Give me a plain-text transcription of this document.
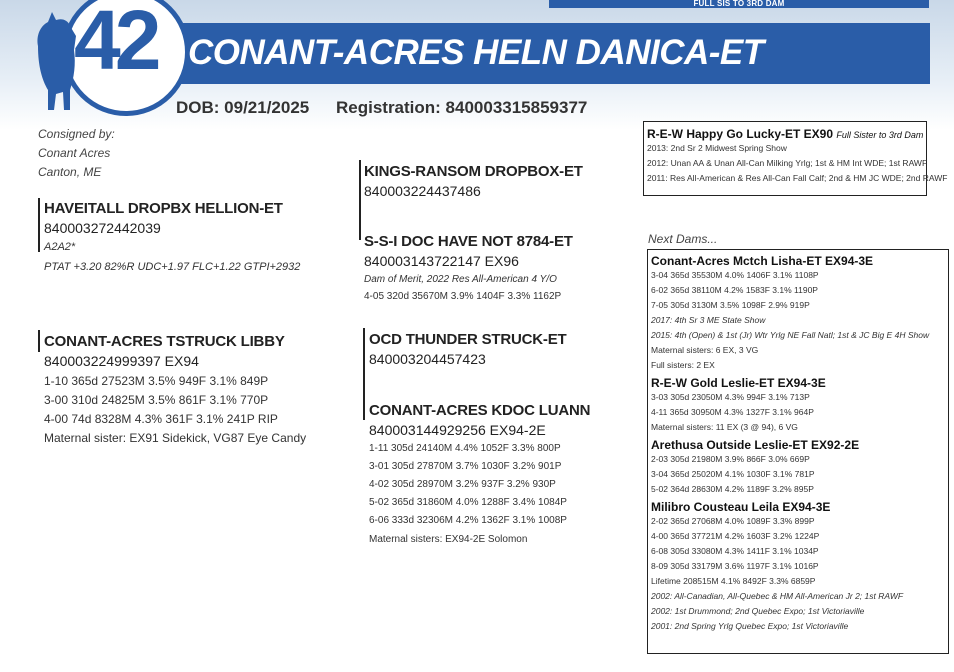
FULL SIS TO 3RD DAM
42 CONANT-ACRES HELN DANICA-ET
DOB: 09/21/2025 Registration: 840003315859377
Consigned by:
Conant Acres
Canton, ME
HAVEITALL DROPBX HELLION-ET
840003272442039
A2A2*
PTAT +3.20 82%R UDC+1.97 FLC+1.22 GTPI+2932
KINGS-RANSOM DROPBOX-ET
840003224437486
S-S-I DOC HAVE NOT 8784-ET
840003143722147 EX96
Dam of Merit, 2022 Res All-American 4 Y/O
4-05 320d 35670M 3.9% 1404F 3.3% 1162P
CONANT-ACRES TSTRUCK LIBBY
840003224999397 EX94
1-10 365d 27523M 3.5% 949F 3.1% 849P
3-00 310d 24825M 3.5% 861F 3.1% 770P
4-00 74d 8328M 4.3% 361F 3.1% 241P RIP
Maternal sister: EX91 Sidekick, VG87 Eye Candy
OCD THUNDER STRUCK-ET
840003204457423
CONANT-ACRES KDOC LUANN
840003144929256 EX94-2E
1-11 305d 24140M 4.4% 1052F 3.3% 800P
3-01 305d 27870M 3.7% 1030F 3.2% 901P
4-02 305d 28970M 3.2% 937F 3.2% 930P
5-02 365d 31860M 4.0% 1288F 3.4% 1084P
6-06 333d 32306M 4.2% 1362F 3.1% 1008P
Maternal sisters: EX94-2E Solomon
R-E-W Happy Go Lucky-ET EX90 Full Sister to 3rd Dam
2013: 2nd Sr 2 Midwest Spring Show
2012: Unan AA & Unan All-Can Milking Yrlg; 1st & HM Int WDE; 1st RAWF
2011: Res All-American & Res All-Can Fall Calf; 2nd & HM JC WDE; 2nd RAWF
Next Dams...
Conant-Acres Mctch Lisha-ET EX94-3E
3-04 365d 35530M 4.0% 1406F 3.1% 1108P
6-02 365d 38110M 4.2% 1583F 3.1% 1190P
7-05 305d 3130M 3.5% 1098F 2.9% 919P
2017: 4th Sr 3 ME State Show
2015: 4th (Open) & 1st (Jr) Wtr Yrlg NE Fall Natl; 1st & JC Big E 4H Show
Maternal sisters: 6 EX, 3 VG
Full sisters: 2 EX
R-E-W Gold Leslie-ET EX94-3E
3-03 305d 23050M 4.3% 994F 3.1% 713P
4-11 365d 30950M 4.3% 1327F 3.1% 964P
Maternal sisters: 11 EX (3 @ 94), 6 VG
Arethusa Outside Leslie-ET EX92-2E
2-03 305d 21980M 3.9% 866F 3.0% 669P
3-04 365d 25020M 4.1% 1030F 3.1% 781P
5-02 364d 28630M 4.2% 1189F 3.2% 895P
Milibro Cousteau Leila EX94-3E
2-02 365d 27068M 4.0% 1089F 3.3% 899P
4-00 365d 37721M 4.2% 1603F 3.2% 1224P
6-08 305d 33080M 4.3% 1411F 3.1% 1034P
8-09 305d 33179M 3.6% 1197F 3.1% 1016P
Lifetime 208515M 4.1% 8492F 3.3% 6859P
2002: All-Canadian, All-Quebec & HM All-American Jr 2; 1st RAWF
2002: 1st Drummond; 2nd Quebec Expo; 1st Victoriaville
2001: 2nd Spring Yrlg Quebec Expo; 1st Victoriaville
